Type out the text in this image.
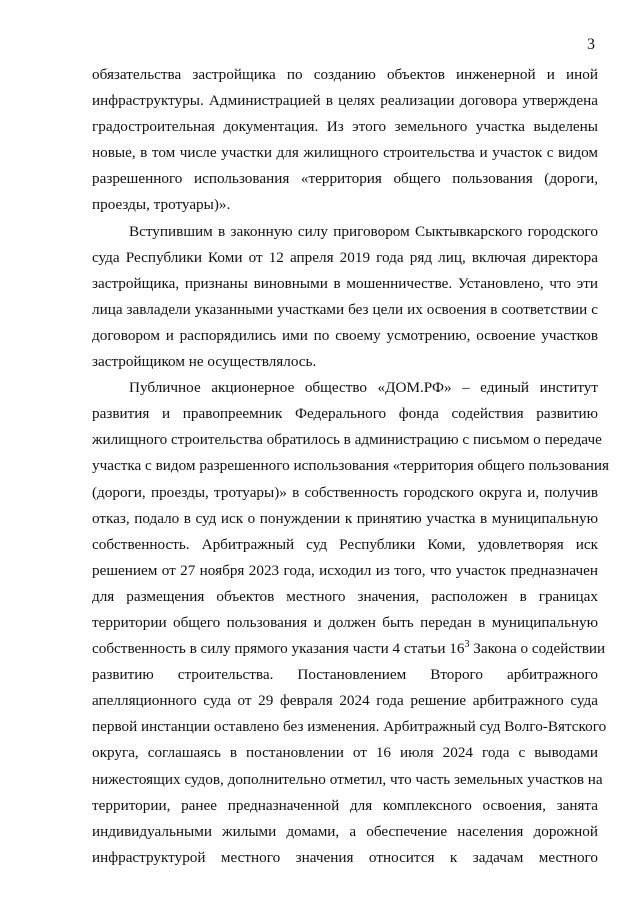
3

обязательства застройщика по созданию объектов инженерной и иной
инфраструктуры. Администрацией в целях реализации договора утверждена
градостроительная документация. Из этого земельного участка выделены
новые, в том числе участки для жилищного строительства и участок с видом
разрешенного использования «территория общего пользования (дороги,
проезды, тротуары)».

Вступившим в законную силу приговором Сыктывкарского городского
суда Республики Коми от 12 апреля 2019 года ряд лиц, включая директора
застройщика, признаны виновными в мошенничестве. Установлено, что эти
лица завладели указанными участками без цели их освоения в соответствии с
договором и распорядились ими по своему усмотрению, освоение участков
застройщиком не осуществлялось.

Публичное акционерное общество «ДОМ.РФ» – единый институт
развития и правопреемник Федерального фонда содействия развитию
жилищного строительства обратилось в администрацию с письмом о передаче
участка с видом разрешенного использования «территория общего пользования
(дороги, проезды, тротуары)» в собственность городского округа и, получив
отказ, подало в суд иск о понуждении к принятию участка в муниципальную
собственность. Арбитражный суд Республики Коми, удовлетворяя иск
решением от 27 ноября 2023 года, исходил из того, что участок предназначен
для размещения объектов местного значения, расположен в границах
территории общего пользования и должен быть передан в муниципальную
собственность в силу прямого указания части 4 статьи $16^3$ Закона о содействии
развитию строительства. Постановлением Второго арбитражного
апелляционного суда от 29 февраля 2024 года решение арбитражного суда
первой инстанции оставлено без изменения. Арбитражный суд Волго-Вятского
округа, соглашаясь в постановлении от 16 июля 2024 года с выводами
нижестоящих судов, дополнительно отметил, что часть земельных участков на
территории, ранее предназначенной для комплексного освоения, занята
индивидуальными жилыми домами, а обеспечение населения дорожной
инфраструктурой местного значения относится к задачам местного
